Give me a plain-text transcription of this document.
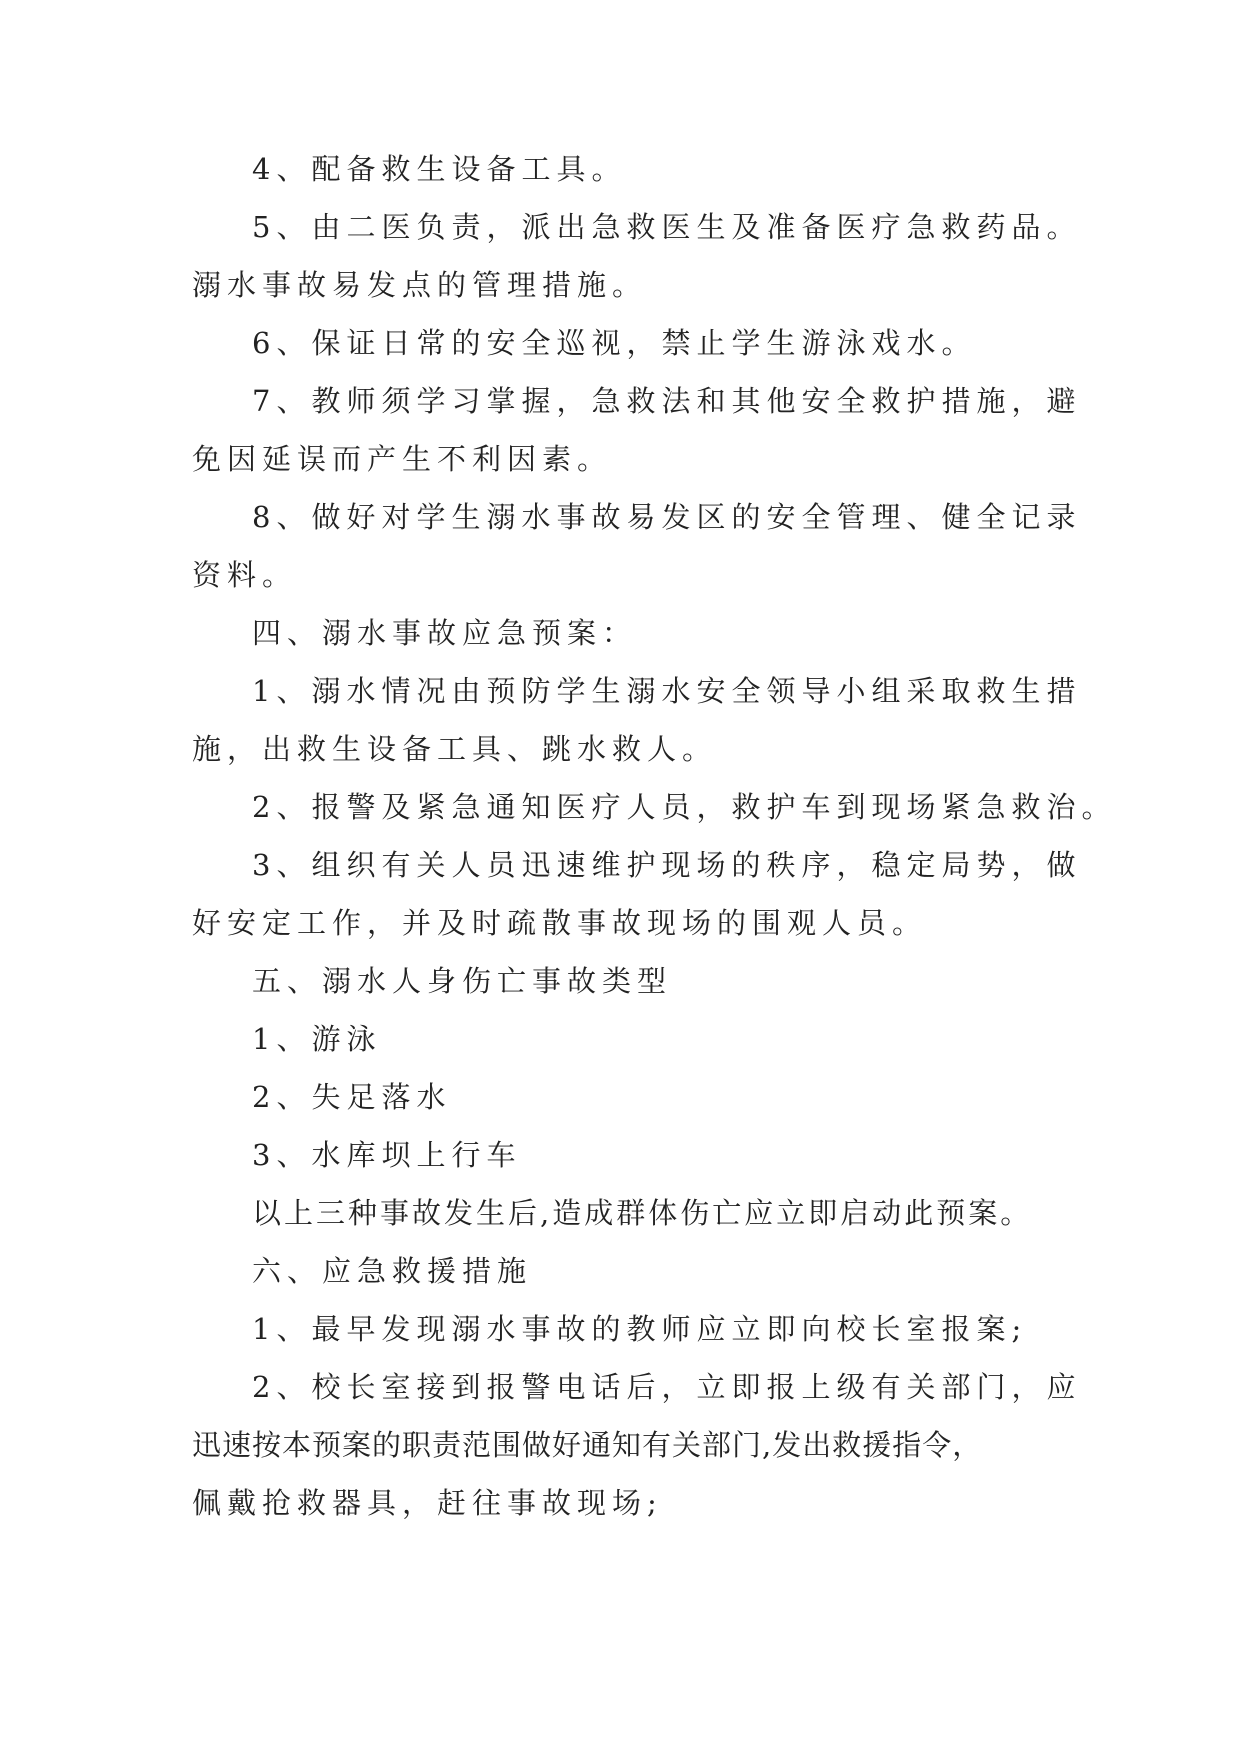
4、配备救生设备工具。

5、由二医负责，派出急救医生及准备医疗急救药品。

溺水事故易发点的管理措施。

6、保证日常的安全巡视，禁止学生游泳戏水。

7、教师须学习掌握，急救法和其他安全救护措施，避

免因延误而产生不利因素。

8、做好对学生溺水事故易发区的安全管理、健全记录

资料。

四、溺水事故应急预案：

1、溺水情况由预防学生溺水安全领导小组采取救生措

施，出救生设备工具、跳水救人。

2、报警及紧急通知医疗人员，救护车到现场紧急救治。

3、组织有关人员迅速维护现场的秩序，稳定局势，做

好安定工作，并及时疏散事故现场的围观人员。

五、溺水人身伤亡事故类型

1、游泳

2、失足落水

3、水库坝上行车

以上三种事故发生后,造成群体伤亡应立即启动此预案。

六、应急救援措施

1、最早发现溺水事故的教师应立即向校长室报案;

2、校长室接到报警电话后，立即报上级有关部门，应

迅速按本预案的职责范围做好通知有关部门,发出救援指令，

佩戴抢救器具，赶往事故现场;
